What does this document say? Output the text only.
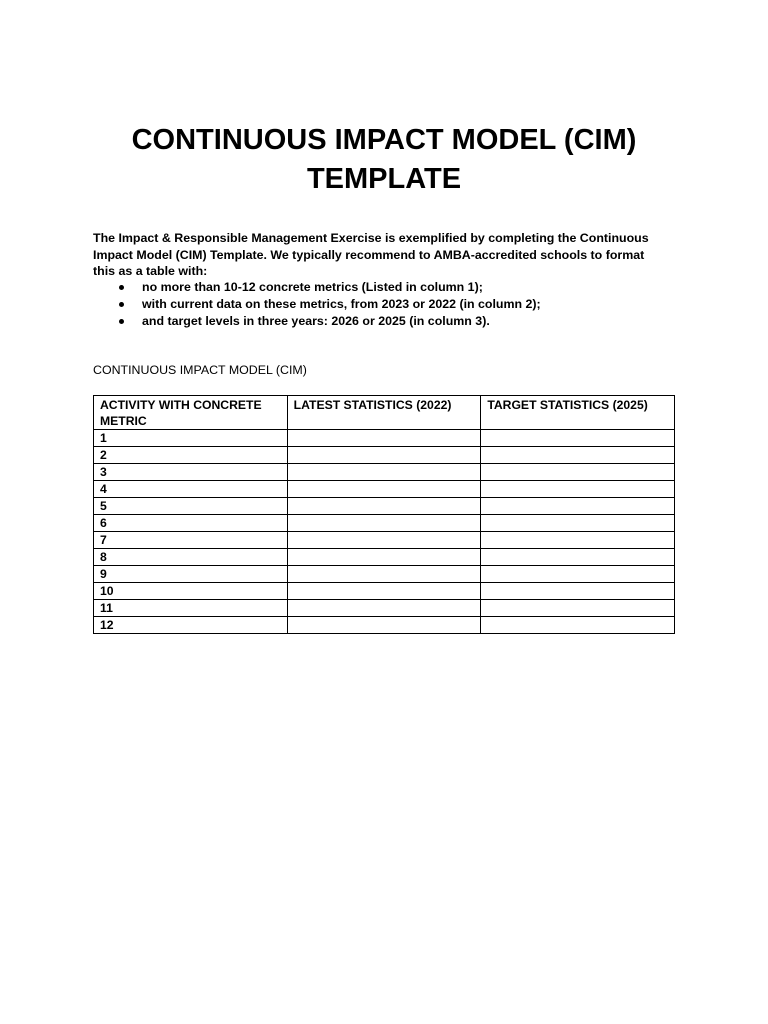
CONTINUOUS IMPACT MODEL (CIM)
TEMPLATE

The Impact & Responsible Management Exercise is exemplified by completing the Continuous Impact Model (CIM) Template. We typically recommend to AMBA-accredited schools to format this as a table with:

no more than 10-12 concrete metrics (Listed in column 1);
with current data on these metrics, from 2023 or 2022 (in column 2);
and target levels in three years: 2026 or 2025 (in column 3).

CONTINUOUS IMPACT MODEL (CIM)

ACTIVITY WITH CONCRETE METRIC	LATEST STATISTICS (2022)	TARGET STATISTICS (2025)
1		
2		
3		
4		
5		
6		
7		
8		
9		
10		
11		
12		
